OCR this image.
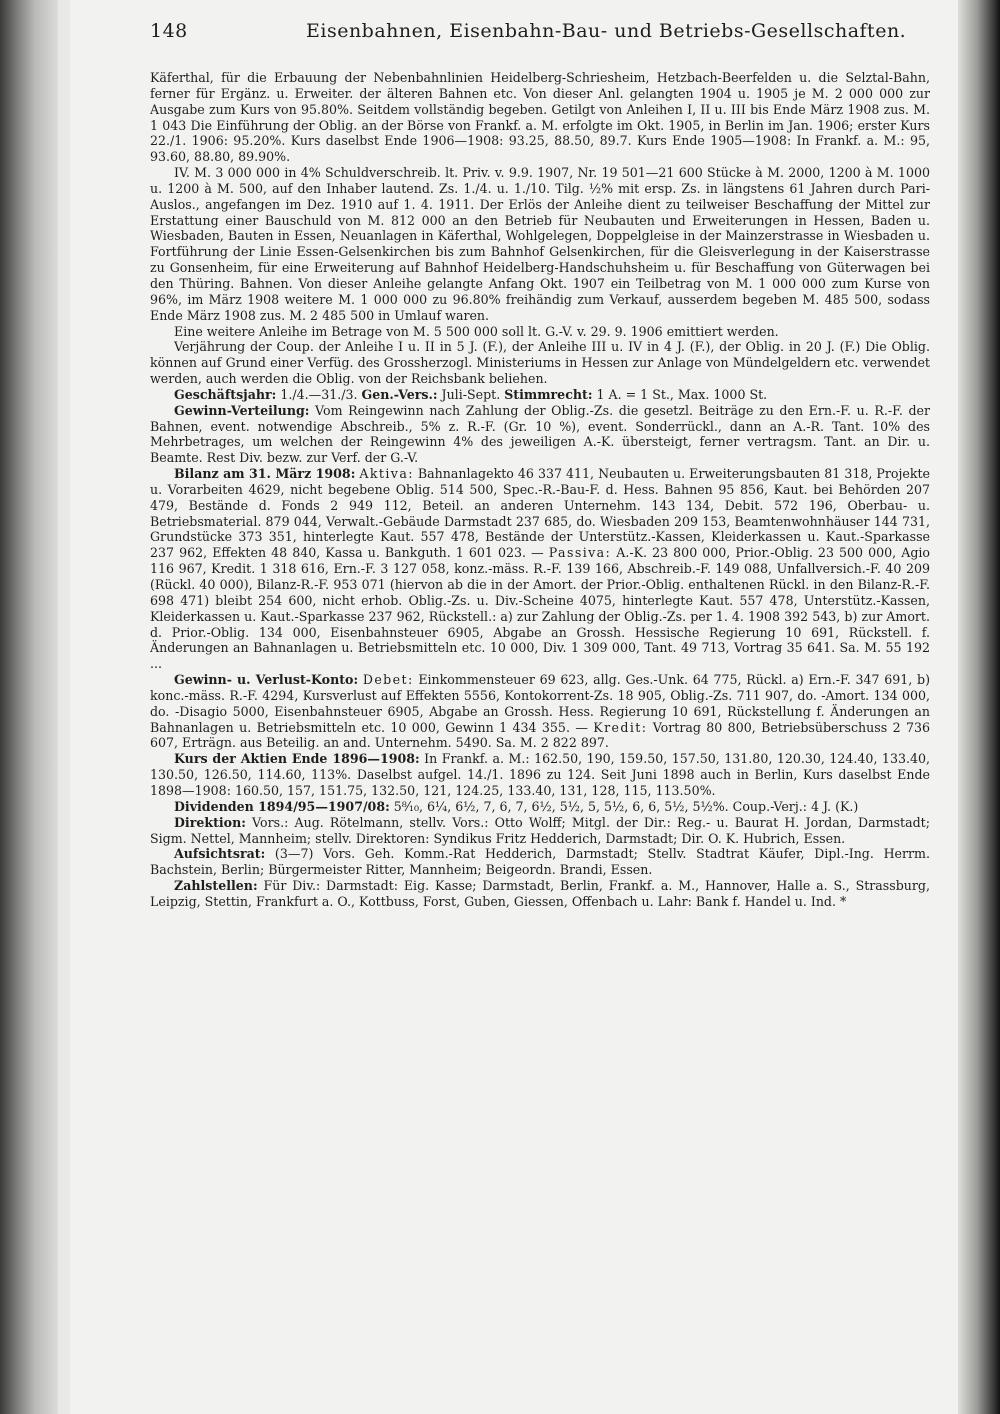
148	Eisenbahnen, Eisenbahn-Bau- und Betriebs-Gesellschaften.

Käferthal, für die Erbauung der Nebenbahnlinien Heidelberg-Schriesheim, Hetzbach-Beerfelden u. die Selztal-Bahn, ferner für Ergänz. u. Erweiter. der älteren Bahnen etc. Von dieser Anl. gelangten 1904 u. 1905 je M. 2 000 000 zur Ausgabe zum Kurs von 95.80%. Seitdem vollständig begeben. Getilgt von Anleihen I, II u. III bis Ende März 1908 zus. M. 1 043 Die Einführung der Oblig. an der Börse von Frankf. a. M. erfolgte im Okt. 1905, in Berlin im Jan. 1906; erster Kurs 22./1. 1906: 95.20%. Kurs daselbst Ende 1906—1908: 93.25, 88.50, 89.7. Kurs Ende 1905—1908: In Frankf. a. M.: 95, 93.60, 88.80, 89.90%.

IV. M. 3 000 000 in 4% Schuldverschreib. lt. Priv. v. 9.9. 1907, Nr. 19 501—21 600 Stücke à M. 2000, 1200 à M. 1000 u. 1200 à M. 500, auf den Inhaber lautend. Zs. 1./4. u. 1./10. Tilg. ½% mit ersp. Zs. in längstens 61 Jahren durch Pari-Auslos., angefangen im Dez. 1910 auf 1. 4. 1911. Der Erlös der Anleihe dient zu teilweiser Beschaffung der Mittel zur Erstattung einer Bauschuld von M. 812 000 an den Betrieb für Neubauten und Erweiterungen in Hessen, Baden u. Wiesbaden, Bauten in Essen, Neuanlagen in Käferthal, Wohlgelegen, Doppelgleise in der Mainzerstrasse in Wiesbaden u. Fortführung der Linie Essen-Gelsenkirchen bis zum Bahnhof Gelsenkirchen, für die Gleisverlegung in der Kaiserstrasse zu Gonsenheim, für eine Erweiterung auf Bahnhof Heidelberg-Handschuhsheim u. für Beschaffung von Güterwagen bei den Thüring. Bahnen. Von dieser Anleihe gelangte Anfang Okt. 1907 ein Teilbetrag von M. 1 000 000 zum Kurse von 96%, im März 1908 weitere M. 1 000 000 zu 96.80% freihändig zum Verkauf, ausserdem begeben M. 485 500, sodass Ende März 1908 zus. M. 2 485 500 in Umlauf waren.

Eine weitere Anleihe im Betrage von M. 5 500 000 soll lt. G.-V. v. 29. 9. 1906 emittiert werden.

Verjährung der Coup. der Anleihe I u. II in 5 J. (F.), der Anleihe III u. IV in 4 J. (F.), der Oblig. in 20 J. (F.) Die Oblig. können auf Grund einer Verfüg. des Grossherzogl. Ministeriums in Hessen zur Anlage von Mündelgeldern etc. verwendet werden, auch werden die Oblig. von der Reichsbank beliehen.

Geschäftsjahr: 1./4.—31./3. Gen.-Vers.: Juli-Sept. Stimmrecht: 1 A. = 1 St., Max. 1000 St.

Gewinn-Verteilung: Vom Reingewinn nach Zahlung der Oblig.-Zs. die gesetzl. Beiträge zu den Ern.-F. u. R.-F. der Bahnen, event. notwendige Abschreib., 5% z. R.-F. (Gr. 10 %), event. Sonderrückl., dann an A.-R. Tant. 10% des Mehrbetrages, um welchen der Reingewinn 4% des jeweiligen A.-K. übersteigt, ferner vertragsm. Tant. an Dir. u. Beamte. Rest Div. bezw. zur Verf. der G.-V.

Bilanz am 31. März 1908: Aktiva: Bahnanlagekto 46 337 411, Neubauten u. Erweiterungsbauten 81 318, Projekte u. Vorarbeiten 4629, nicht begebene Oblig. 514 500, Spec.-R.-Bau-F. d. Hess. Bahnen 95 856, Kaut. bei Behörden 207 479, Bestände d. Fonds 2 949 112, Beteil. an anderen Unternehm. 143 134, Debit. 572 196, Oberbau- u. Betriebsmaterial. 879 044, Verwalt.-Gebäude Darmstadt 237 685, do. Wiesbaden 209 153, Beamtenwohnhäuser 144 731, Grundstücke 373 351, hinterlegte Kaut. 557 478, Bestände der Unterstütz.-Kassen, Kleiderkassen u. Kaut.-Sparkasse 237 962, Effekten 48 840, Kassa u. Bankguth. 1 601 023. — Passiva: A.-K. 23 800 000, Prior.-Oblig. 23 500 000, Agio 116 967, Kredit. 1 318 616, Ern.-F. 3 127 058, konz.-mäss. R.-F. 139 166, Abschreib.-F. 149 088, Unfallversich.-F. 40 209 (Rückl. 40 000), Bilanz-R.-F. 953 071 (hiervon ab die in der Amort. der Prior.-Oblig. enthaltenen Rückl. in den Bilanz-R.-F. 698 471) bleibt 254 600, nicht erhob. Oblig.-Zs. u. Div.-Scheine 4075, hinterlegte Kaut. 557 478, Unterstütz.-Kassen, Kleiderkassen u. Kaut.-Sparkasse 237 962, Rückstell.: a) zur Zahlung der Oblig.-Zs. per 1. 4. 1908 392 543, b) zur Amort. d. Prior.-Oblig. 134 000, Eisenbahnsteuer 6905, Abgabe an Grossh. Hessische Regierung 10 691, Rückstell. f. Änderungen an Bahnanlagen u. Betriebsmitteln etc. 10 000, Div. 1 309 000, Tant. 49 713, Vortrag 35 641. Sa. M. 55 192 ...

Gewinn- u. Verlust-Konto: Debet: Einkommensteuer 69 623, allg. Ges.-Unk. 64 775, Rückl. a) Ern.-F. 347 691, b) konc.-mäss. R.-F. 4294, Kursverlust auf Effekten 5556, Kontokorrent-Zs. 18 905, Oblig.-Zs. 711 907, do. -Amort. 134 000, do. -Disagio 5000, Eisenbahnsteuer 6905, Abgabe an Grossh. Hess. Regierung 10 691, Rückstellung f. Änderungen an Bahnanlagen u. Betriebsmitteln etc. 10 000, Gewinn 1 434 355. — Kredit: Vortrag 80 800, Betriebsüberschuss 2 736 607, Erträgn. aus Beteilig. an and. Unternehm. 5490. Sa. M. 2 822 897.

Kurs der Aktien Ende 1896—1908: In Frankf. a. M.: 162.50, 190, 159.50, 157.50, 131.80, 120.30, 124.40, 133.40, 130.50, 126.50, 114.60, 113%. Daselbst aufgel. 14./1. 1896 zu 124. Seit Juni 1898 auch in Berlin, Kurs daselbst Ende 1898—1908: 160.50, 157, 151.75, 132.50, 121, 124.25, 133.40, 131, 128, 115, 113.50%.

Dividenden 1894/95—1907/08: 5⁸⁄₁₀, 6¼, 6½, 7, 6, 7, 6½, 5½, 5, 5½, 6, 6, 5½, 5½%. Coup.-Verj.: 4 J. (K.)

Direktion: Vors.: Aug. Rötelmann, stellv. Vors.: Otto Wolff; Mitgl. der Dir.: Reg.- u. Baurat H. Jordan, Darmstadt; Sigm. Nettel, Mannheim; stellv. Direktoren: Syndikus Fritz Hedderich, Darmstadt; Dir. O. K. Hubrich, Essen.

Aufsichtsrat: (3—7) Vors. Geh. Komm.-Rat Hedderich, Darmstadt; Stellv. Stadtrat Käufer, Dipl.-Ing. Herrm. Bachstein, Berlin; Bürgermeister Ritter, Mannheim; Beigeordn. Brandi, Essen.

Zahlstellen: Für Div.: Darmstadt: Eig. Kasse; Darmstadt, Berlin, Frankf. a. M., Hannover, Halle a. S., Strassburg, Leipzig, Stettin, Frankfurt a. O., Kottbuss, Forst, Guben, Giessen, Offenbach u. Lahr: Bank f. Handel u. Ind. *
